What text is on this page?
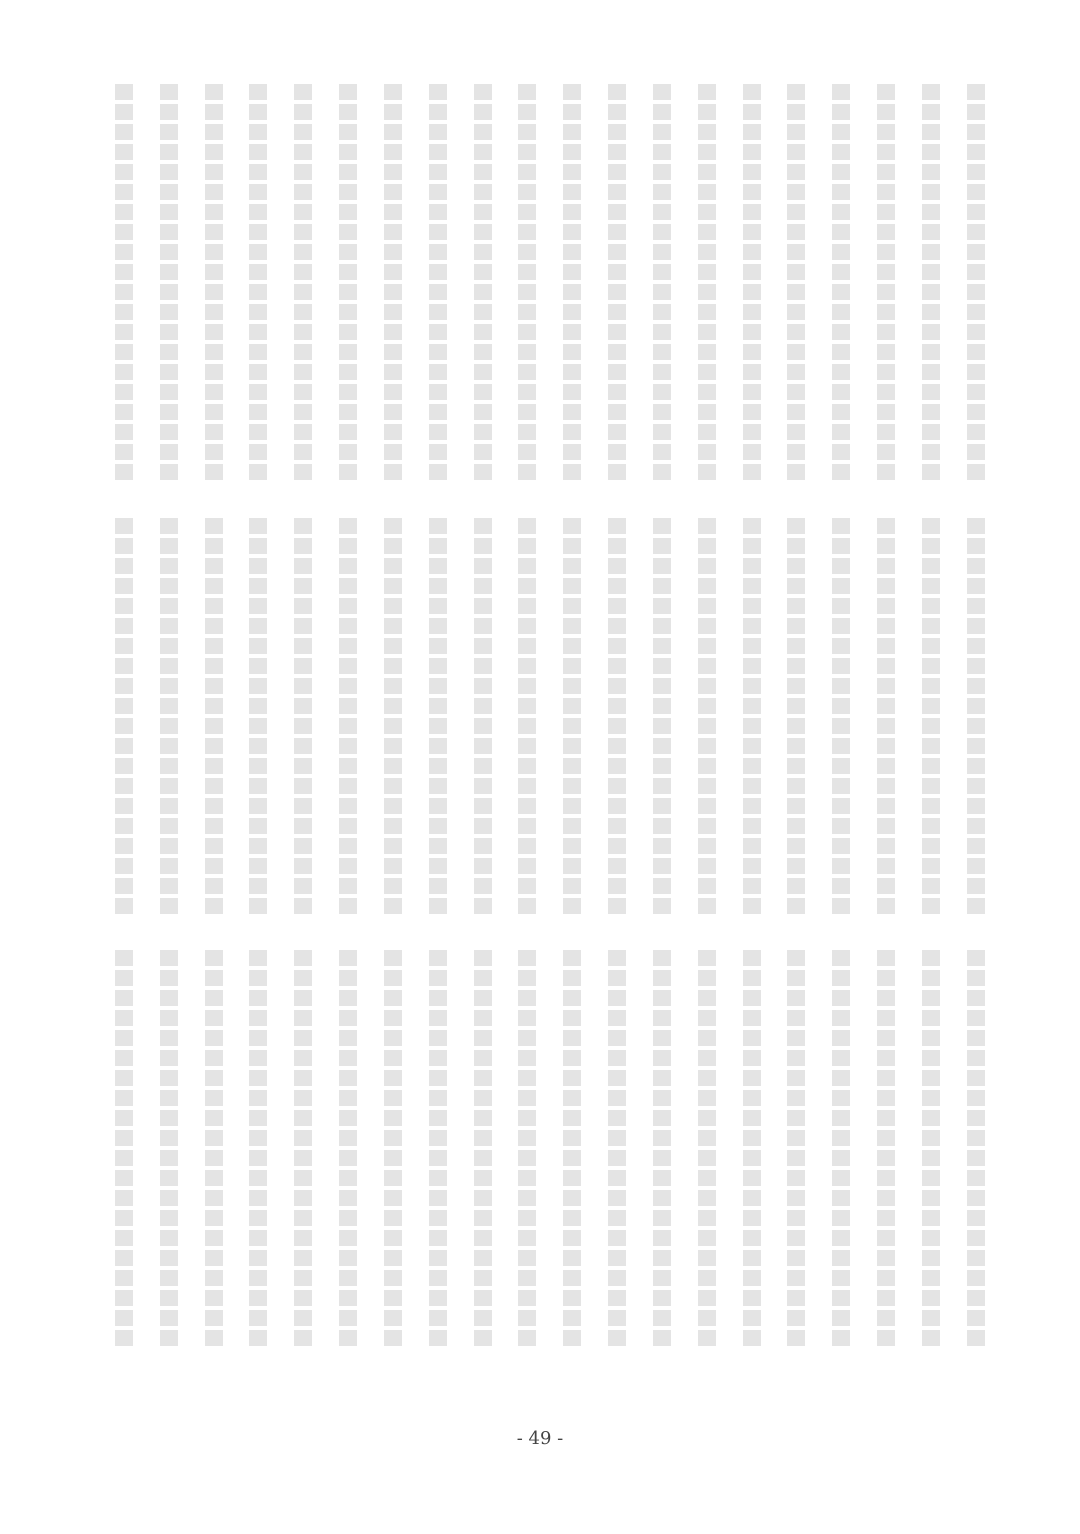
- 49 -
